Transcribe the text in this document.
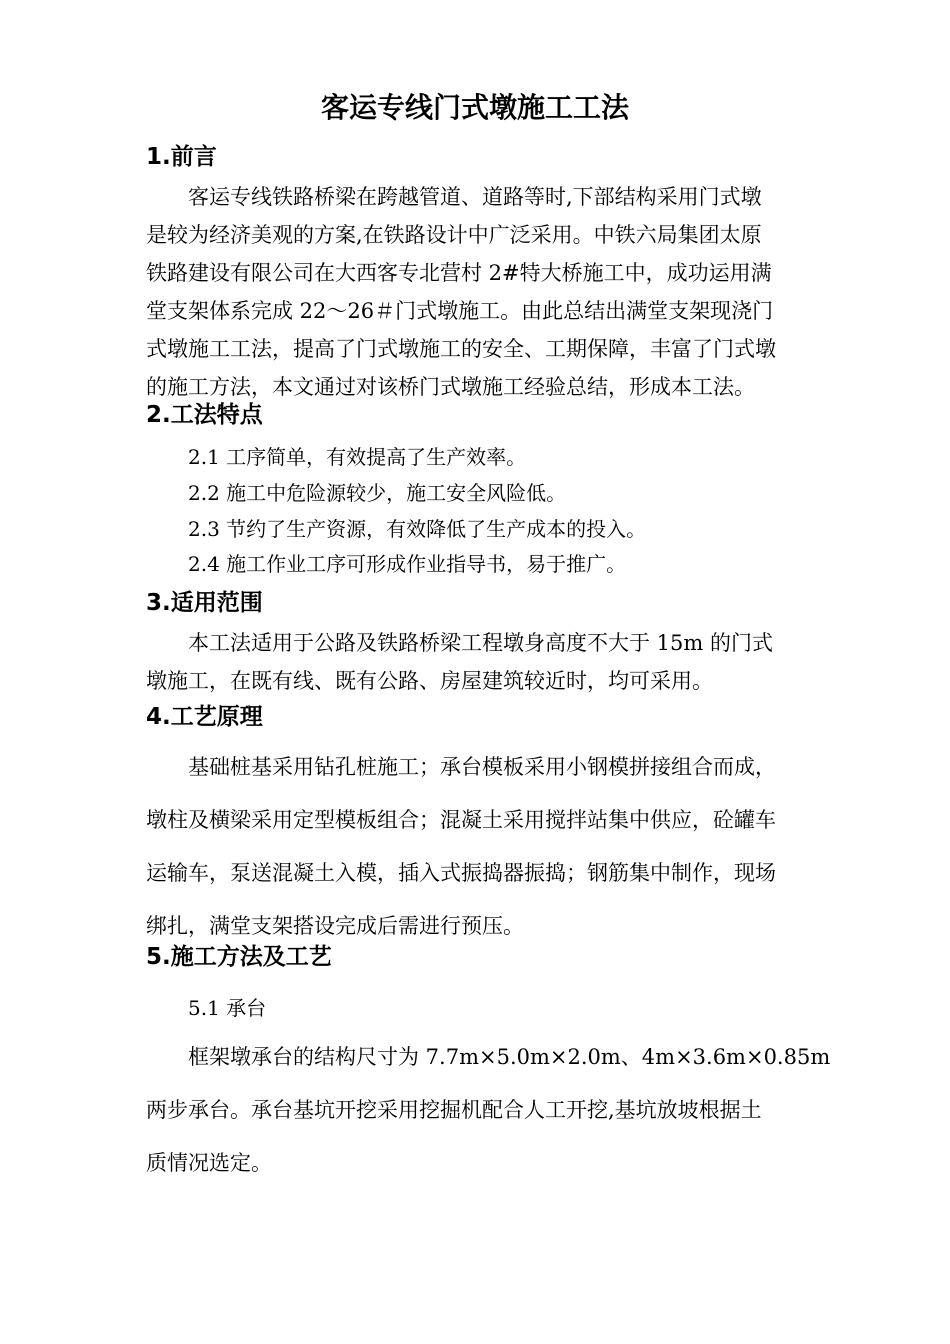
客运专线门式墩施工工法
1.前言
客运专线铁路桥梁在跨越管道、道路等时,下部结构采用门式墩
是较为经济美观的方案,在铁路设计中广泛采用。中铁六局集团太原
铁路建设有限公司在大西客专北营村 2#特大桥施工中，成功运用满
堂支架体系完成 22～26＃门式墩施工。由此总结出满堂支架现浇门
式墩施工工法，提高了门式墩施工的安全、工期保障，丰富了门式墩
的施工方法，本文通过对该桥门式墩施工经验总结，形成本工法。
2.工法特点
2.1 工序简单，有效提高了生产效率。
2.2 施工中危险源较少，施工安全风险低。
2.3 节约了生产资源，有效降低了生产成本的投入。
2.4 施工作业工序可形成作业指导书，易于推广。
3.适用范围
本工法适用于公路及铁路桥梁工程墩身高度不大于 15m 的门式
墩施工，在既有线、既有公路、房屋建筑较近时，均可采用。
4.工艺原理
基础桩基采用钻孔桩施工；承台模板采用小钢模拼接组合而成，
墩柱及横梁采用定型模板组合；混凝土采用搅拌站集中供应，砼罐车
运输车，泵送混凝土入模，插入式振捣器振捣；钢筋集中制作，现场
绑扎，满堂支架搭设完成后需进行预压。
5.施工方法及工艺
5.1 承台
框架墩承台的结构尺寸为 7.7m×5.0m×2.0m、4m×3.6m×0.85m
两步承台。承台基坑开挖采用挖掘机配合人工开挖,基坑放坡根据土
质情况选定。
